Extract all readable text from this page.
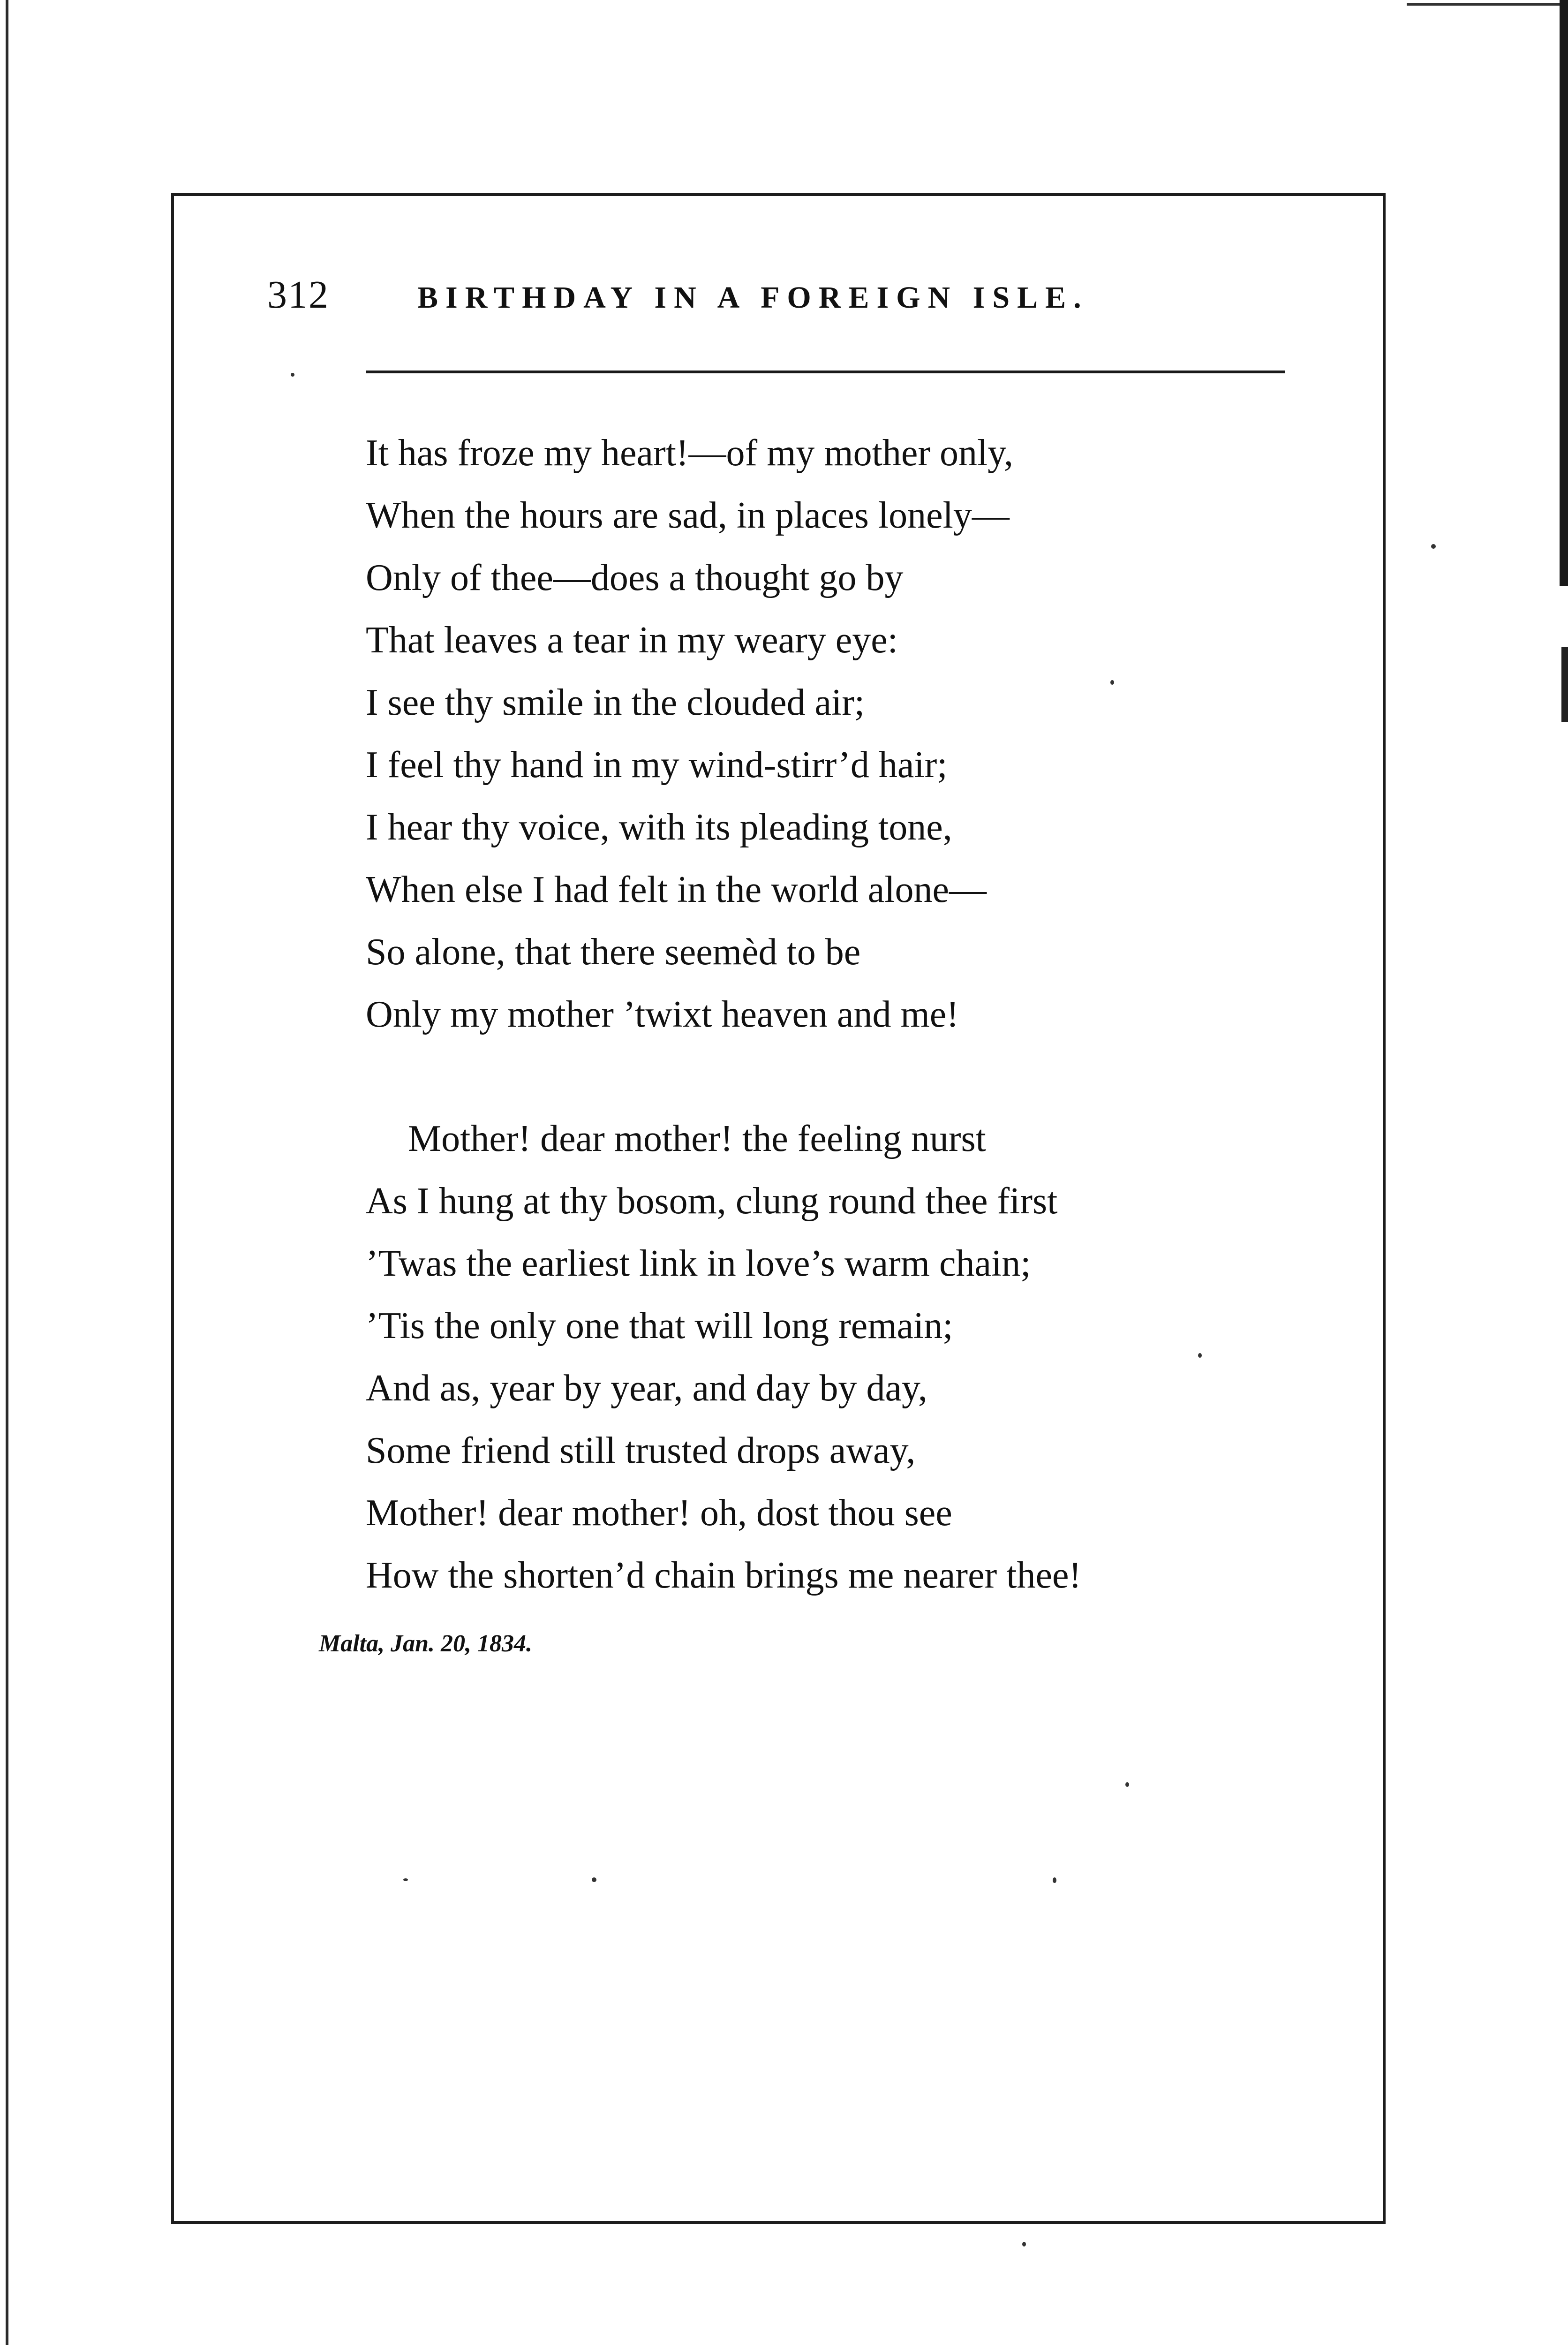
312	BIRTHDAY IN A FOREIGN ISLE.
It has froze my heart!—of my mother only,
When the hours are sad, in places lonely—
Only of thee—does a thought go by
That leaves a tear in my weary eye:
I see thy smile in the clouded air;
I feel thy hand in my wind-stirr’d hair;
I hear thy voice, with its pleading tone,
When else I had felt in the world alone—
So alone, that there seemèd to be
Only my mother ’twixt heaven and me!
Mother! dear mother! the feeling nurst
As I hung at thy bosom, clung round thee first
’Twas the earliest link in love’s warm chain;
’Tis the only one that will long remain;
And as, year by year, and day by day,
Some friend still trusted drops away,
Mother! dear mother! oh, dost thou see
How the shorten’d chain brings me nearer thee!
Malta, Jan. 20, 1834.
